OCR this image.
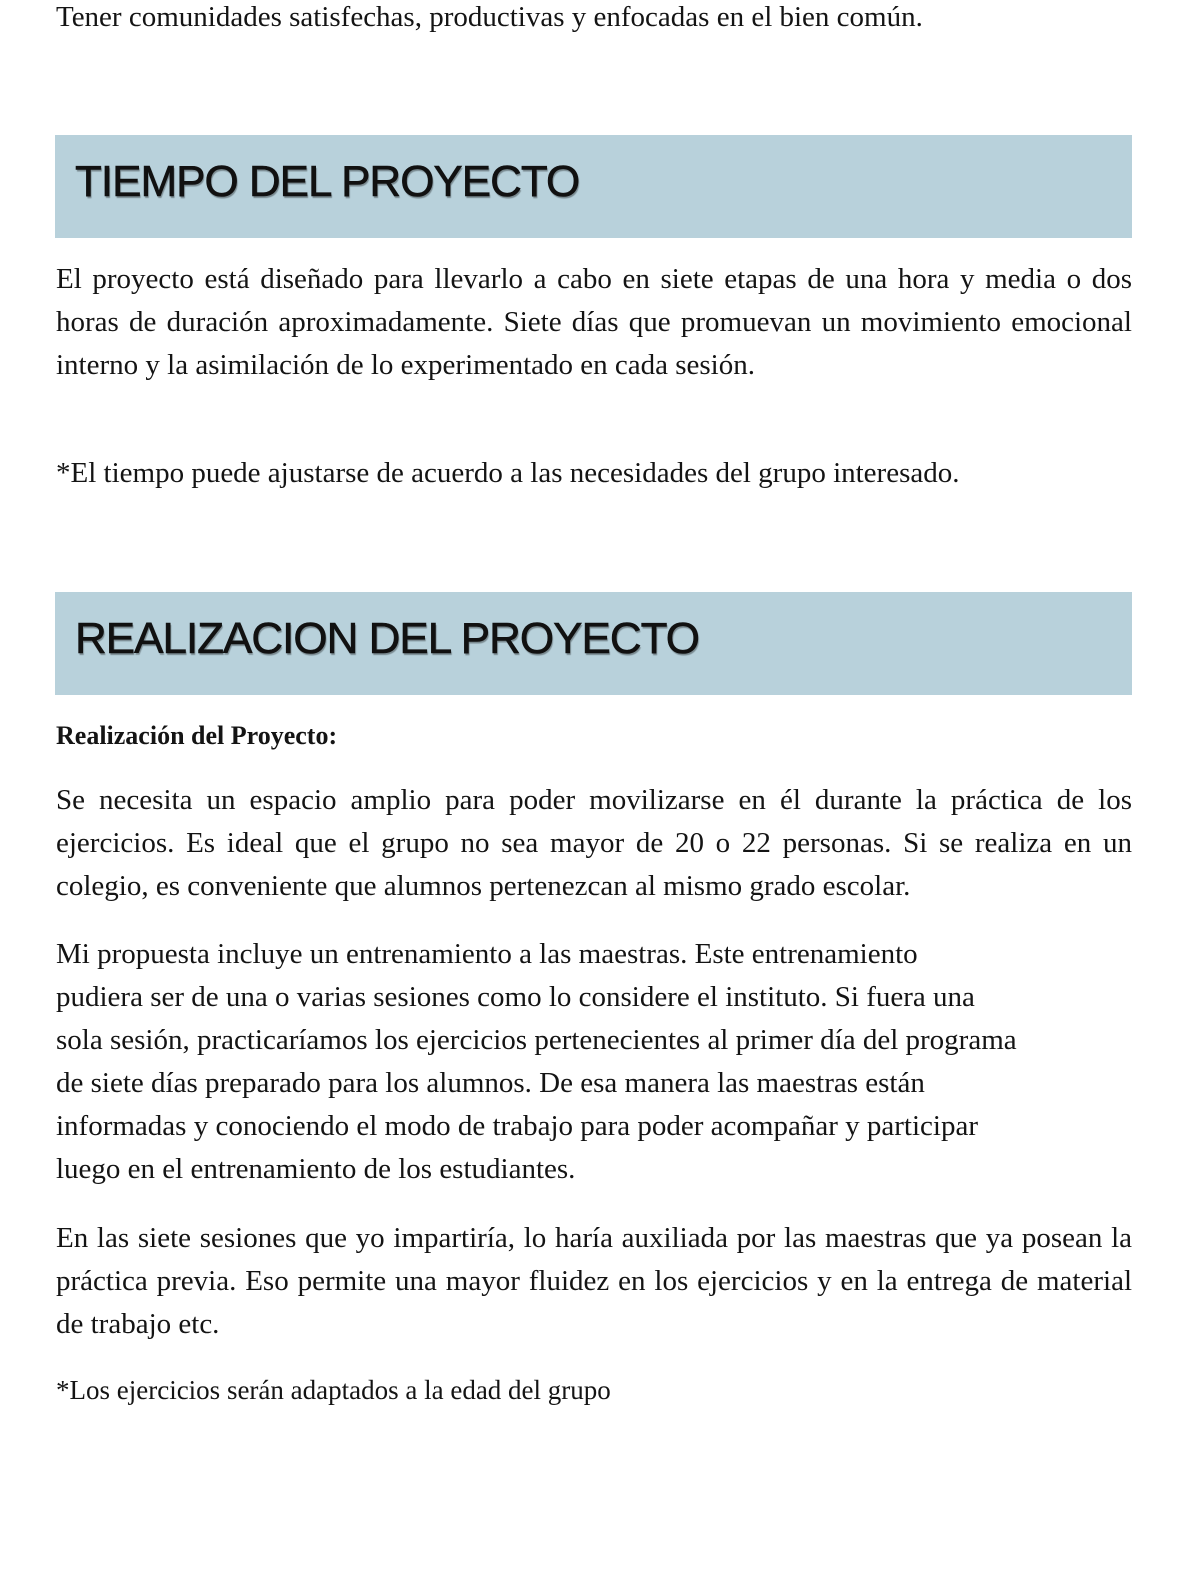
Tener comunidades satisfechas, productivas y enfocadas en el bien común.

TIEMPO DEL PROYECTO

El proyecto está diseñado para llevarlo a cabo en siete etapas de una hora y media o dos horas de duración aproximadamente. Siete días que promuevan un movimiento emocional interno y la asimilación de lo experimentado en cada sesión.

*El tiempo puede ajustarse de acuerdo a las necesidades del grupo interesado.

REALIZACION DEL PROYECTO

Realización del Proyecto:

Se necesita un espacio amplio para poder movilizarse en él durante la práctica de los ejercicios. Es ideal que el grupo no sea mayor de 20 o 22 personas. Si se realiza en un colegio, es conveniente que alumnos pertenezcan al mismo grado escolar.

Mi propuesta incluye un entrenamiento a las maestras. Este entrenamiento
pudiera ser de una o varias sesiones como lo considere el instituto. Si fuera una
sola sesión, practicaríamos los ejercicios pertenecientes al primer día del programa
de siete días preparado para los alumnos. De esa manera las maestras están
informadas y conociendo el modo de trabajo para poder acompañar y participar
luego en el entrenamiento de los estudiantes.

En las siete sesiones que yo impartiría, lo haría auxiliada por las maestras que ya posean la práctica previa. Eso permite una mayor fluidez en los ejercicios y en la entrega de material de trabajo etc.

*Los ejercicios serán adaptados a la edad del grupo
